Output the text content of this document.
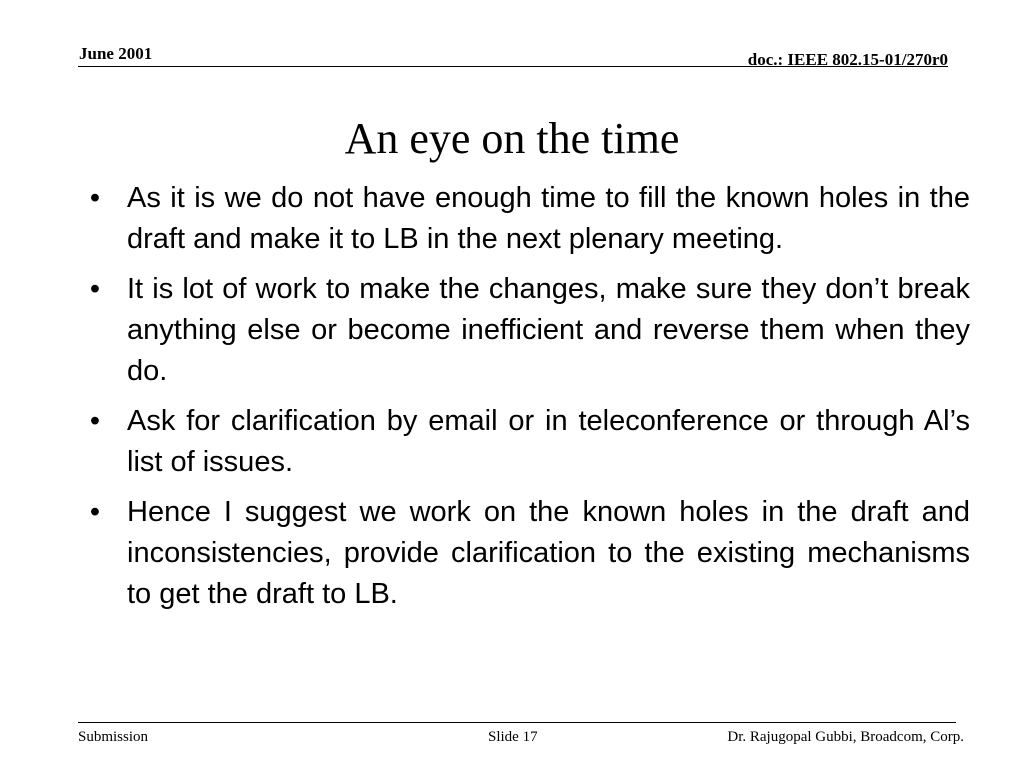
June 2001	doc.: IEEE 802.15-01/270r0
An eye on the time
• As it is we do not have enough time to fill the known holes in the draft and make it to LB in the next plenary meeting.
• It is lot of work to make the changes, make sure they don’t break anything else or become inefficient and reverse them when they do.
• Ask for clarification by email or in teleconference or through Al’s list of issues.
• Hence I suggest we work on the known holes in the draft and inconsistencies, provide clarification to the existing mechanisms to get the draft to LB.
Submission	Slide 17	Dr. Rajugopal Gubbi, Broadcom, Corp.
